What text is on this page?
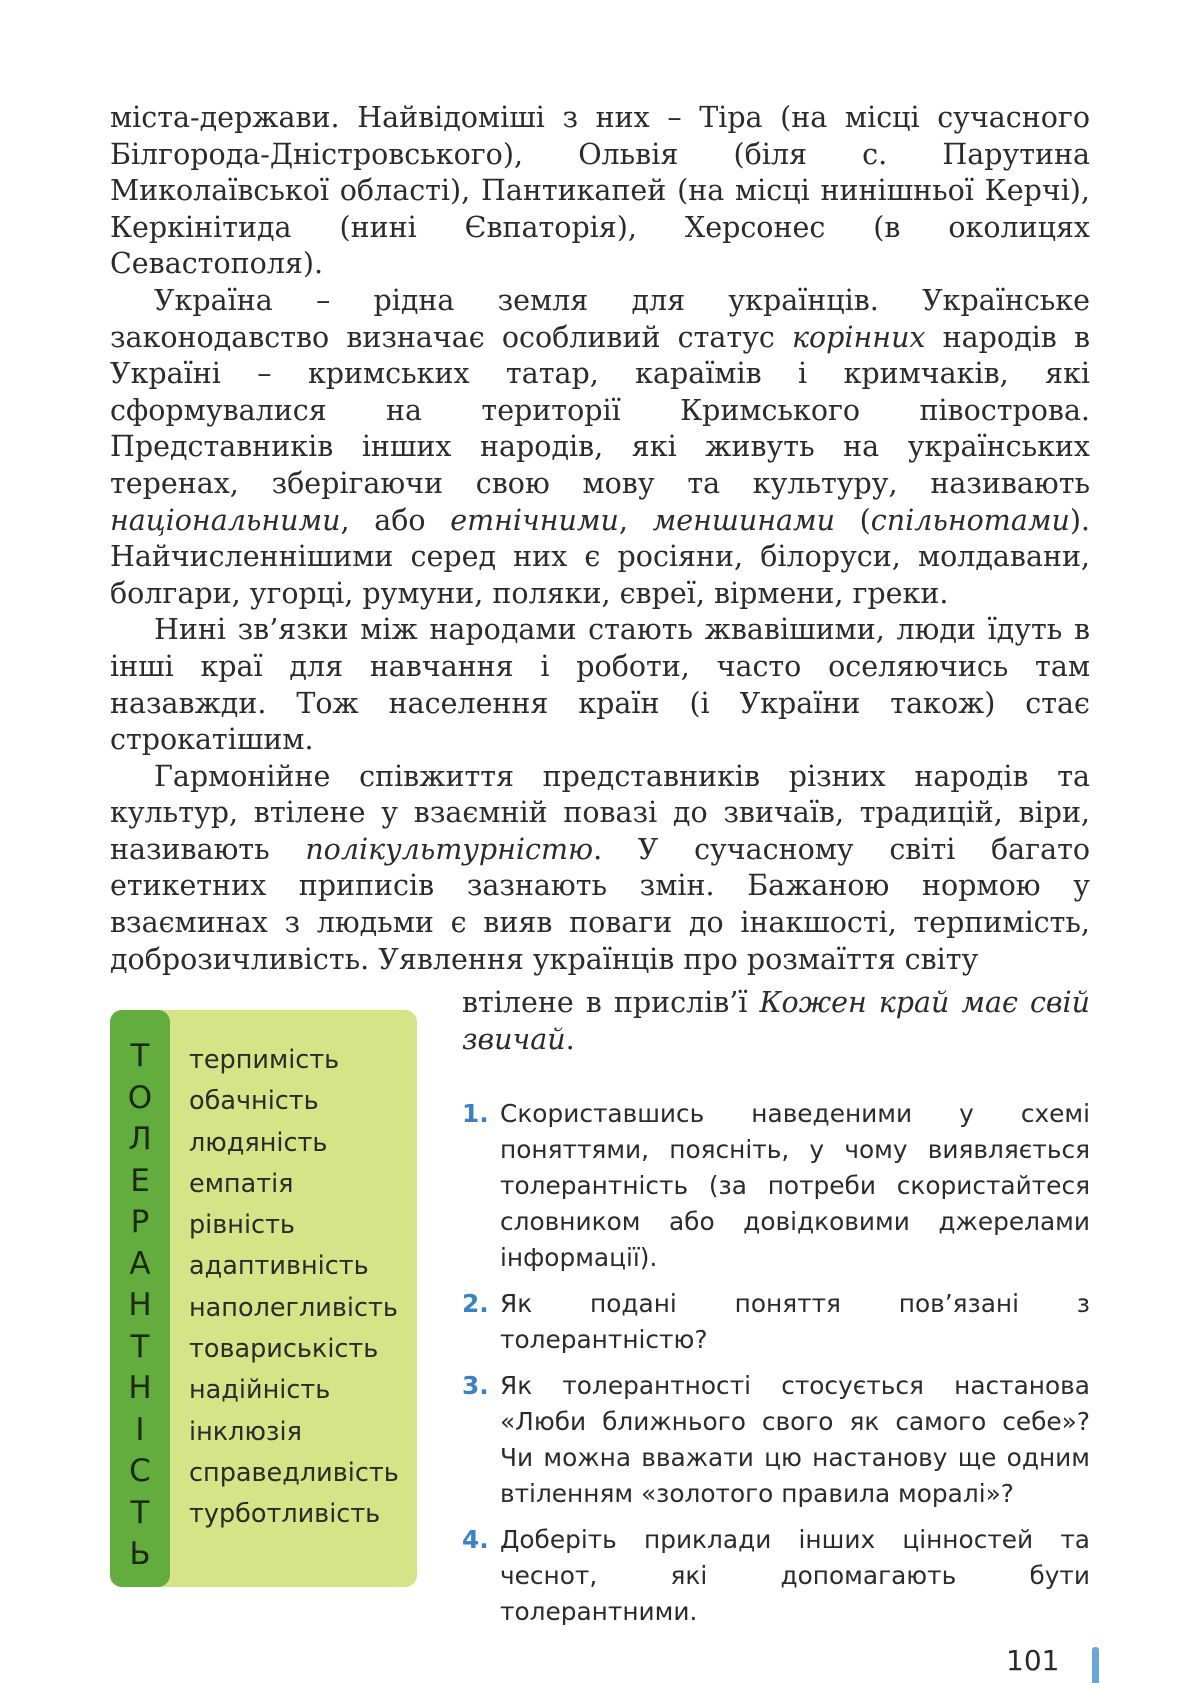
міста-держави. Найвідоміші з них – Тіра (на місці сучасного Білгорода-Дністровського), Ольвія (біля с. Парутина Миколаївської області), Пантикапей (на місці нинішньої Керчі), Керкінітида (нині Євпаторія), Херсонес (в околицях Севастополя).

Україна – рідна земля для українців. Українське законодавство визначає особливий статус корінних народів в Україні – кримських татар, караїмів і кримчаків, які сформувалися на території Кримського півострова. Представників інших народів, які живуть на українських теренах, зберігаючи свою мову та культуру, називають національними, або етнічними, меншинами (спільнотами). Найчисленнішими серед них є росіяни, білоруси, молдавани, болгари, угорці, румуни, поляки, євреї, вірмени, греки.

Нині зв’язки між народами стають жвавішими, люди їдуть в інші краї для навчання і роботи, часто оселяючись там назавжди. Тож населення країн (і України також) стає строкатішим.

Гармонійне співжиття представників різних народів та культур, втілене у взаємній повазі до звичаїв, традицій, віри, називають полікультурністю. У сучасному світі багато етикетних приписів зазнають змін. Бажаною нормою у взаєминах з людьми є вияв поваги до інакшості, терпимість, доброзичливість. Уявлення українців про розмаїття світу

втілене в прислів’ї Кожен край має свій звичай.
Т
О
Л
Е
Р
А
Н
Т
Н
І
С
Т
Ь
терпимість
обачність
людяність
емпатія
рівність
адаптивність
наполегливість
товариськість
надійність
інклюзія
справедливість
турботливість
1. Скориставшись наведеними у схемі поняттями, поясніть, у чому виявляється толерантність (за потреби скористайтеся словником або довідковими джерелами інформації).
2. Як подані поняття пов’язані з толерантністю?
3. Як толерантності стосується настанова «Люби ближнього свого як самого себе»? Чи можна вважати цю настанову ще одним втіленням «золотого правила моралі»?
4. Доберіть приклади інших цінностей та чеснот, які допомагають бути толерантними.
101
